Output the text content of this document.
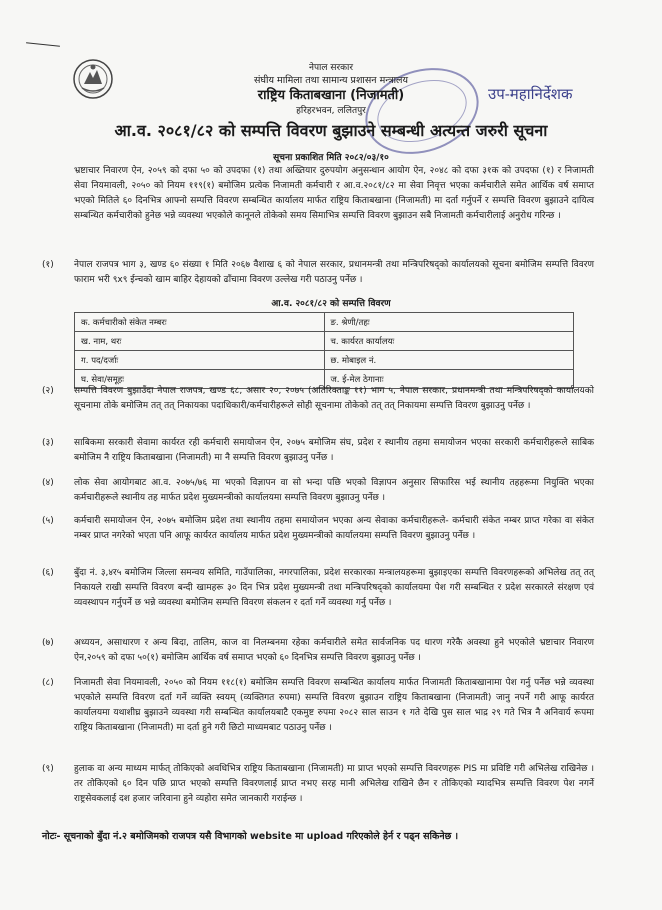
नेपाल सरकार
संघीय मामिला तथा सामान्य प्रशासन मन्त्रालय
राष्ट्रिय किताबखाना (निजामती)
हरिहरभवन, ललितपुर
उप-महानिर्देशक
आ.व. २०८१/८२ को सम्पत्ति विवरण बुझाउने सम्बन्धी अत्यन्त जरुरी सूचना
सूचना प्रकाशित मिति २०८२/०३/१०
भ्रष्टाचार निवारण ऐन, २०५९ को दफा ५० को उपदफा (१) तथा अख्तियार दुरुपयोग अनुसन्धान आयोग ऐन, २०४८ को दफा ३१क को उपदफा (१) र निजामती सेवा नियमावली, २०५० को नियम ११९(१) बमोजिम प्रत्येक निजामती कर्मचारी र आ.व.२०८१/८२ मा सेवा निवृत्त भएका कर्मचारीले समेत आर्थिक वर्ष समाप्त भएको मितिले ६० दिनभित्र आफ्नो सम्पत्ति विवरण सम्बन्धित कार्यालय मार्फत राष्ट्रिय किताबखाना (निजामती) मा दर्ता गर्नुपर्ने र सम्पत्ति विवरण बुझाउने दायित्व सम्बन्धित कर्मचारीको हुनेछ भन्ने व्यवस्था भएकोले कानूनले तोकेको समय सिमाभित्र सम्पत्ति विवरण बुझाउन सबै निजामती कर्मचारीलाई अनुरोध गरिन्छ ।
(१)	नेपाल राजपत्र भाग ३, खण्ड ६० संख्या १ मिति २०६७ वैशाख ६ को नेपाल सरकार, प्रधानमन्त्री तथा मन्त्रिपरिषद्को कार्यालयको सूचना बमोजिम सम्पत्ति विवरण फाराम भरी ९x९ ईन्चको खाम बाहिर देहायको ढाँचामा विवरण उल्लेख गरी पठाउनु पर्नेछ ।
आ.व. २०८१/८२ को सम्पत्ति विवरण
क. कर्मचारीको संकेत नम्बरः	ङ. श्रेणी/तहः
ख. नाम, थरः	च. कार्यरत कार्यालयः
ग. पद/दर्जाः	छ. मोबाइल नं.
घ. सेवा/समूहः	ज. ई-मेल ठेगानाः
(२)	सम्पत्ति विवरण बुझाउँदा नेपाल राजपत्र, खण्ड ६८, असार २०, २०७५ (अतिरिक्ताङ्क ११) भाग ५, नेपाल सरकार, प्रधानमन्त्री तथा मन्त्रिपरिषद्को कार्यालयको सूचनामा तोके बमोजिम तत् तत् निकायका पदाधिकारी/कर्मचारीहरूले सोही सूचनामा तोकेको तत् तत् निकायमा सम्पत्ति विवरण बुझाउनु पर्नेछ ।
(३)	साबिकमा सरकारी सेवामा कार्यरत रही कर्मचारी समायोजन ऐन, २०७५ बमोजिम संघ, प्रदेश र स्थानीय तहमा समायोजन भएका सरकारी कर्मचारीहरूले साबिक बमोजिम नै राष्ट्रिय किताबखाना (निजामती) मा नै सम्पत्ति विवरण बुझाउनु पर्नेछ ।
(४)	लोक सेवा आयोगबाट आ.व. २०७५/७६ मा भएको विज्ञापन वा सो भन्दा पछि भएको विज्ञापन अनुसार सिफारिस भई स्थानीय तहहरूमा नियुक्ति भएका कर्मचारीहरूले स्थानीय तह मार्फत प्रदेश मुख्यमन्त्रीको कार्यालयमा सम्पत्ति विवरण बुझाउनु पर्नेछ ।
(५)	कर्मचारी समायोजन ऐन, २०७५ बमोजिम प्रदेश तथा स्थानीय तहमा समायोजन भएका अन्य सेवाका कर्मचारीहरूले- कर्मचारी संकेत नम्बर प्राप्त गरेका वा संकेत नम्बर प्राप्त नगरेको भएता पनि आफू कार्यरत कार्यालय मार्फत प्रदेश मुख्यमन्त्रीको कार्यालयमा सम्पत्ति विवरण बुझाउनु पर्नेछ ।
(६)	बुँदा नं. ३,४र५ बमोजिम जिल्ला समन्वय समिति, गाउँपालिका, नगरपालिका, प्रदेश सरकारका मन्त्रालयहरूमा बुझाइएका सम्पत्ति विवरणहरूको अभिलेख तत् तत् निकायले राखी सम्पत्ति विवरण बन्दी खामहरू ३० दिन भित्र प्रदेश मुख्यमन्त्री तथा मन्त्रिपरिषद्को कार्यालयमा पेश गरी सम्बन्धित र प्रदेश सरकारले संरक्षण एवं व्यवस्थापन गर्नुपर्ने छ भन्ने व्यवस्था बमोजिम सम्पत्ति विवरण संकलन र दर्ता गर्ने व्यवस्था गर्नु पर्नेछ ।
(७)	अध्ययन, असाधारण र अन्य बिदा, तालिम, काज वा निलम्बनमा रहेका कर्मचारीले समेत सार्वजनिक पद धारण गरेकै अवस्था हुने भएकोले भ्रष्टाचार निवारण ऐन,२०५९ को दफा ५०(१) बमोजिम आर्थिक वर्ष समाप्त भएको ६० दिनभित्र सम्पत्ति विवरण बुझाउनु पर्नेछ ।
(८)	निजामती सेवा नियमावली, २०५० को नियम ११८(१) बमोजिम सम्पत्ति विवरण सम्बन्धित कार्यालय मार्फत निजामती किताबखानामा पेश गर्नु पर्नेछ भन्ने व्यवस्था भएकोले सम्पत्ति विवरण दर्ता गर्ने व्यक्ति स्वयम् (व्यक्तिगत रुपमा) सम्पत्ति विवरण बुझाउन राष्ट्रिय किताबखाना (निजामती) जानु नपर्ने गरी आफू कार्यरत कार्यालयमा यथाशीघ्र बुझाउने व्यवस्था गरी सम्बन्धित कार्यालयबाटै एकमुष्ट रुपमा २०८२ साल साउन १ गते देखि पुस साल भाद्र २९ गते भित्र नै अनिवार्य रूपमा राष्ट्रिय किताबखाना (निजामती) मा दर्ता हुने गरी छिटो माध्यमबाट पठाउनु पर्नेछ ।
(९)	हुलाक वा अन्य माध्यम मार्फत् तोकिएको अवधिभित्र राष्ट्रिय किताबखाना (निजामती) मा प्राप्त भएको सम्पत्ति विवरणहरू PIS मा प्रविष्टि गरी अभिलेख राखिनेछ । तर तोकिएको ६० दिन पछि प्राप्त भएको सम्पत्ति विवरणलाई प्राप्त नभए सरह मानी अभिलेख राखिने छैन र तोकिएको म्यादभित्र सम्पत्ति विवरण पेश नगर्ने राष्ट्रसेवकलाई दश हजार जरिवाना हुने व्यहोरा समेत जानकारी गराईन्छ ।
नोटः- सूचनाको बुँदा नं.२ बमोजिमको राजपत्र यसै विभागको website मा upload गरिएकोले हेर्न र पढ्न सकिनेछ ।
